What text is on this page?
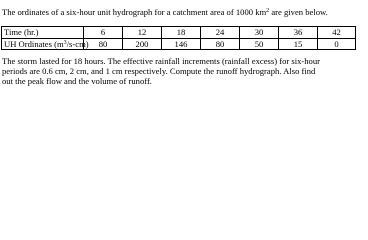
The ordinates of a six-hour unit hydrograph for a catchment area of 1000 $km^2$ are given below.

Time (hr.)	6	12	18	24	30	36	42
UH Ordinates $(m^3/s-cm)$	80	200	146	80	50	15	0
The storm lasted for 18 hours. The effective rainfall increments (rainfall excess) for six-hour
periods are 0.6 cm, 2 cm, and 1 cm respectively. Compute the runoff hydrograph. Also find
out the peak flow and the volume of runoff.
